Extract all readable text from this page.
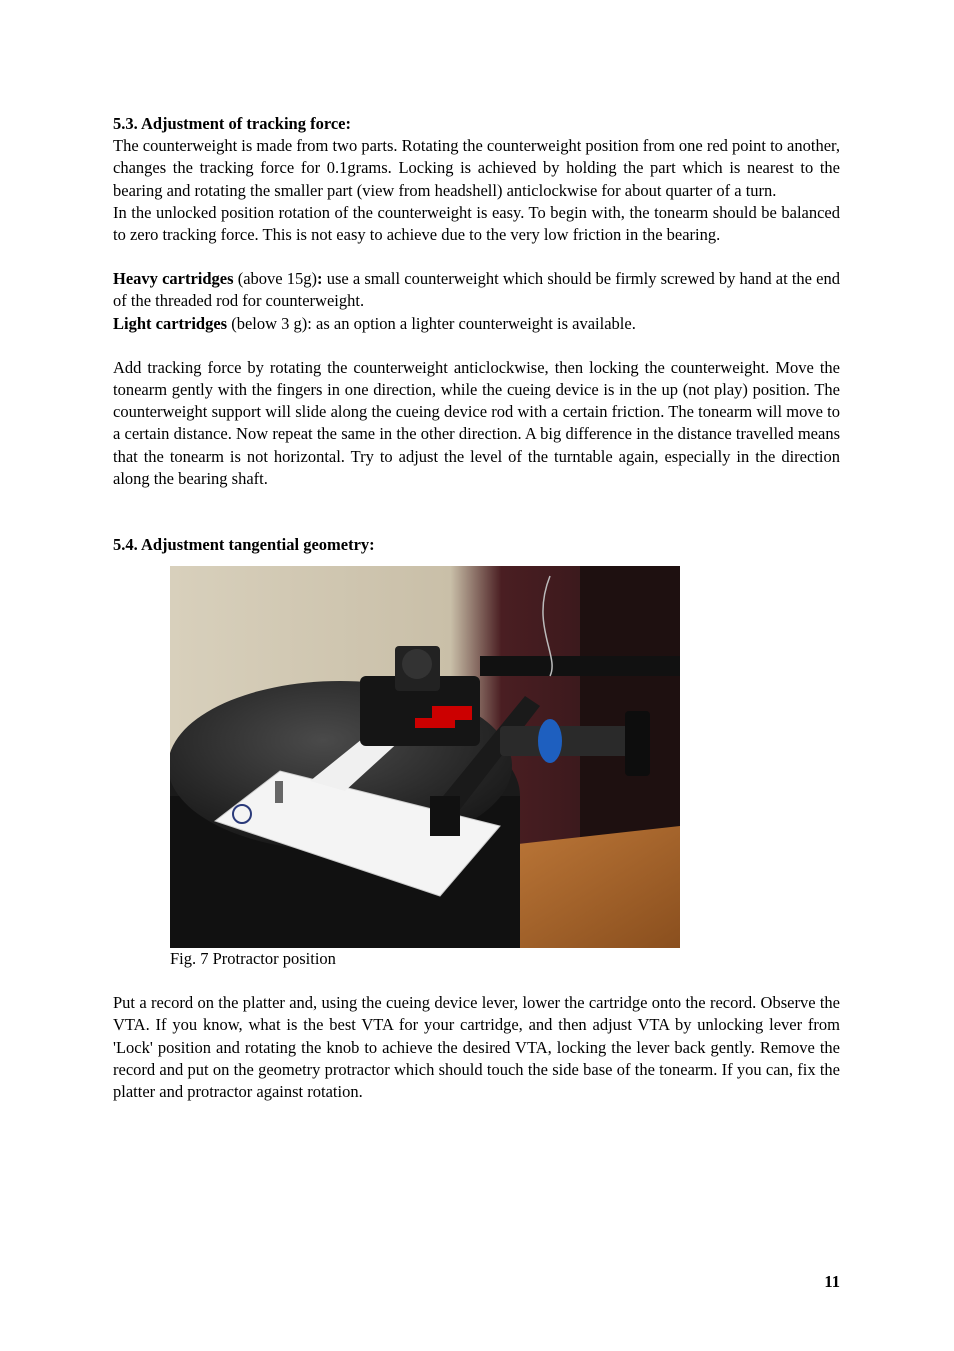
5.3. Adjustment of tracking force:

The counterweight is made from two parts. Rotating the counterweight position from one red point to another, changes the tracking force for 0.1grams. Locking is achieved by holding the part which is nearest to the bearing and rotating the smaller part (view from headshell) anticlockwise for about quarter of a turn.

In the unlocked position rotation of the counterweight is easy. To begin with, the tonearm should be balanced to zero tracking force. This is not easy to achieve due to the very low friction in the bearing.

Heavy cartridges (above 15g): use a small counterweight which should be firmly screwed by hand at the end of the threaded rod for counterweight.

Light cartridges (below 3 g): as an option a lighter counterweight is available.

Add tracking force by rotating the counterweight anticlockwise, then locking the counterweight. Move the tonearm gently with the fingers in one direction, while the cueing device is in the up (not play) position. The counterweight support will slide along the cueing device rod with a certain friction. The tonearm will move to a certain distance. Now repeat the same in the other direction. A big difference in the distance travelled means that the tonearm is not horizontal. Try to adjust the level of the turntable again, especially in the direction along the bearing shaft.

5.4. Adjustment tangential geometry:
Fig. 7 Protractor position

Put a record on the platter and, using the cueing device lever, lower the cartridge onto the record. Observe the VTA. If you know, what is the best VTA for your cartridge, and then adjust VTA by unlocking lever from 'Lock' position and rotating the knob to achieve the desired VTA, locking the lever back gently. Remove the record and put on the geometry protractor which should touch the side base of the tonearm. If you can, fix the platter and protractor against rotation.

11
